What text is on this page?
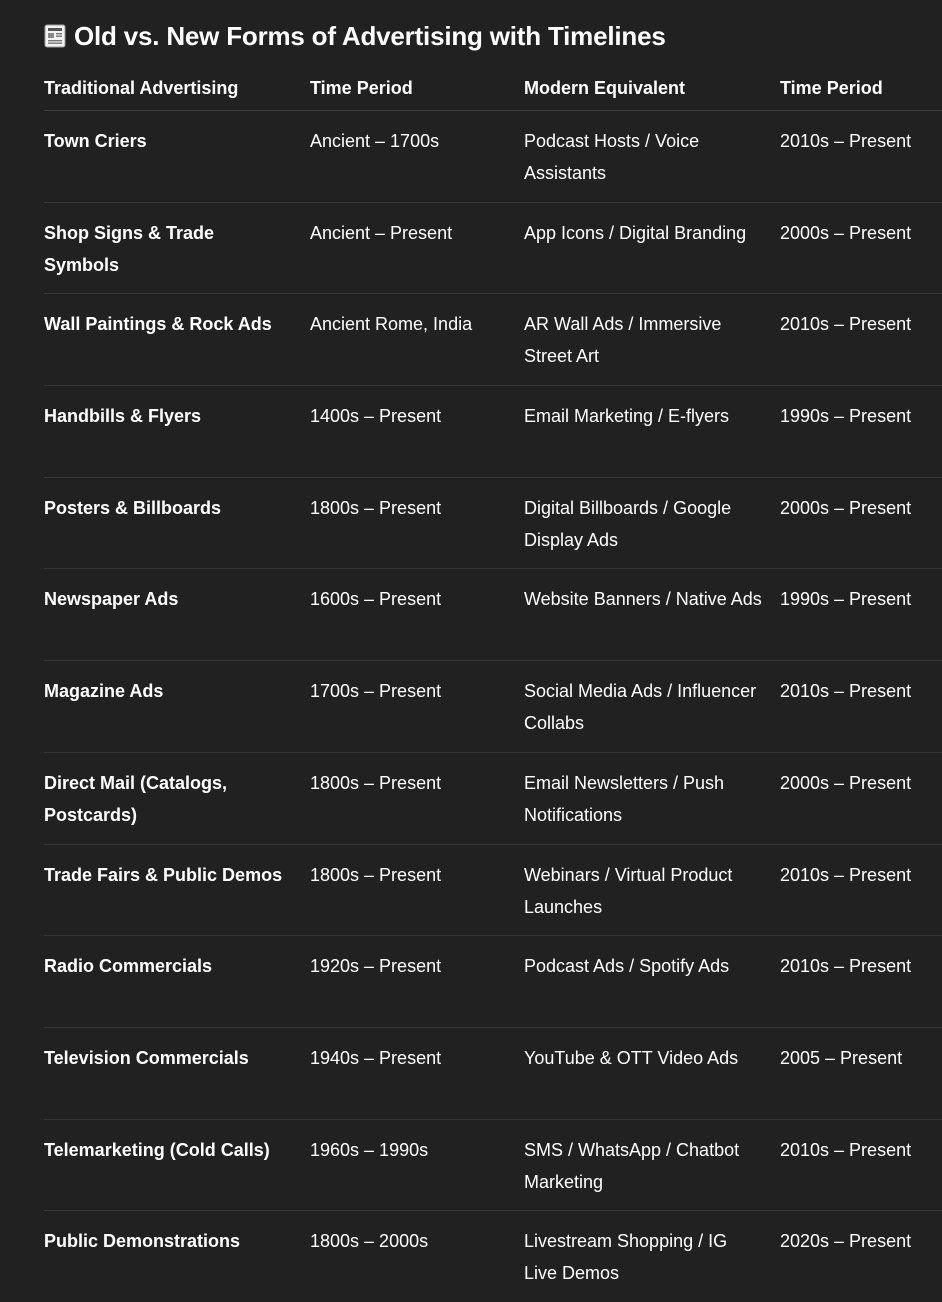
Old vs. New Forms of Advertising with Timelines
Traditional Advertising	Time Period	Modern Equivalent	Time Period
Town Criers	Ancient – 1700s	Podcast Hosts / Voice Assistants	2010s – Present
Shop Signs & Trade Symbols	Ancient – Present	App Icons / Digital Branding	2000s – Present
Wall Paintings & Rock Ads	Ancient Rome, India	AR Wall Ads / Immersive Street Art	2010s – Present
Handbills & Flyers	1400s – Present	Email Marketing / E-flyers	1990s – Present
Posters & Billboards	1800s – Present	Digital Billboards / Google Display Ads	2000s – Present
Newspaper Ads	1600s – Present	Website Banners / Native Ads	1990s – Present
Magazine Ads	1700s – Present	Social Media Ads / Influencer Collabs	2010s – Present
Direct Mail (Catalogs, Postcards)	1800s – Present	Email Newsletters / Push Notifications	2000s – Present
Trade Fairs & Public Demos	1800s – Present	Webinars / Virtual Product Launches	2010s – Present
Radio Commercials	1920s – Present	Podcast Ads / Spotify Ads	2010s – Present
Television Commercials	1940s – Present	YouTube & OTT Video Ads	2005 – Present
Telemarketing (Cold Calls)	1960s – 1990s	SMS / WhatsApp / Chatbot Marketing	2010s – Present
Public Demonstrations	1800s – 2000s	Livestream Shopping / IG Live Demos	2020s – Present
